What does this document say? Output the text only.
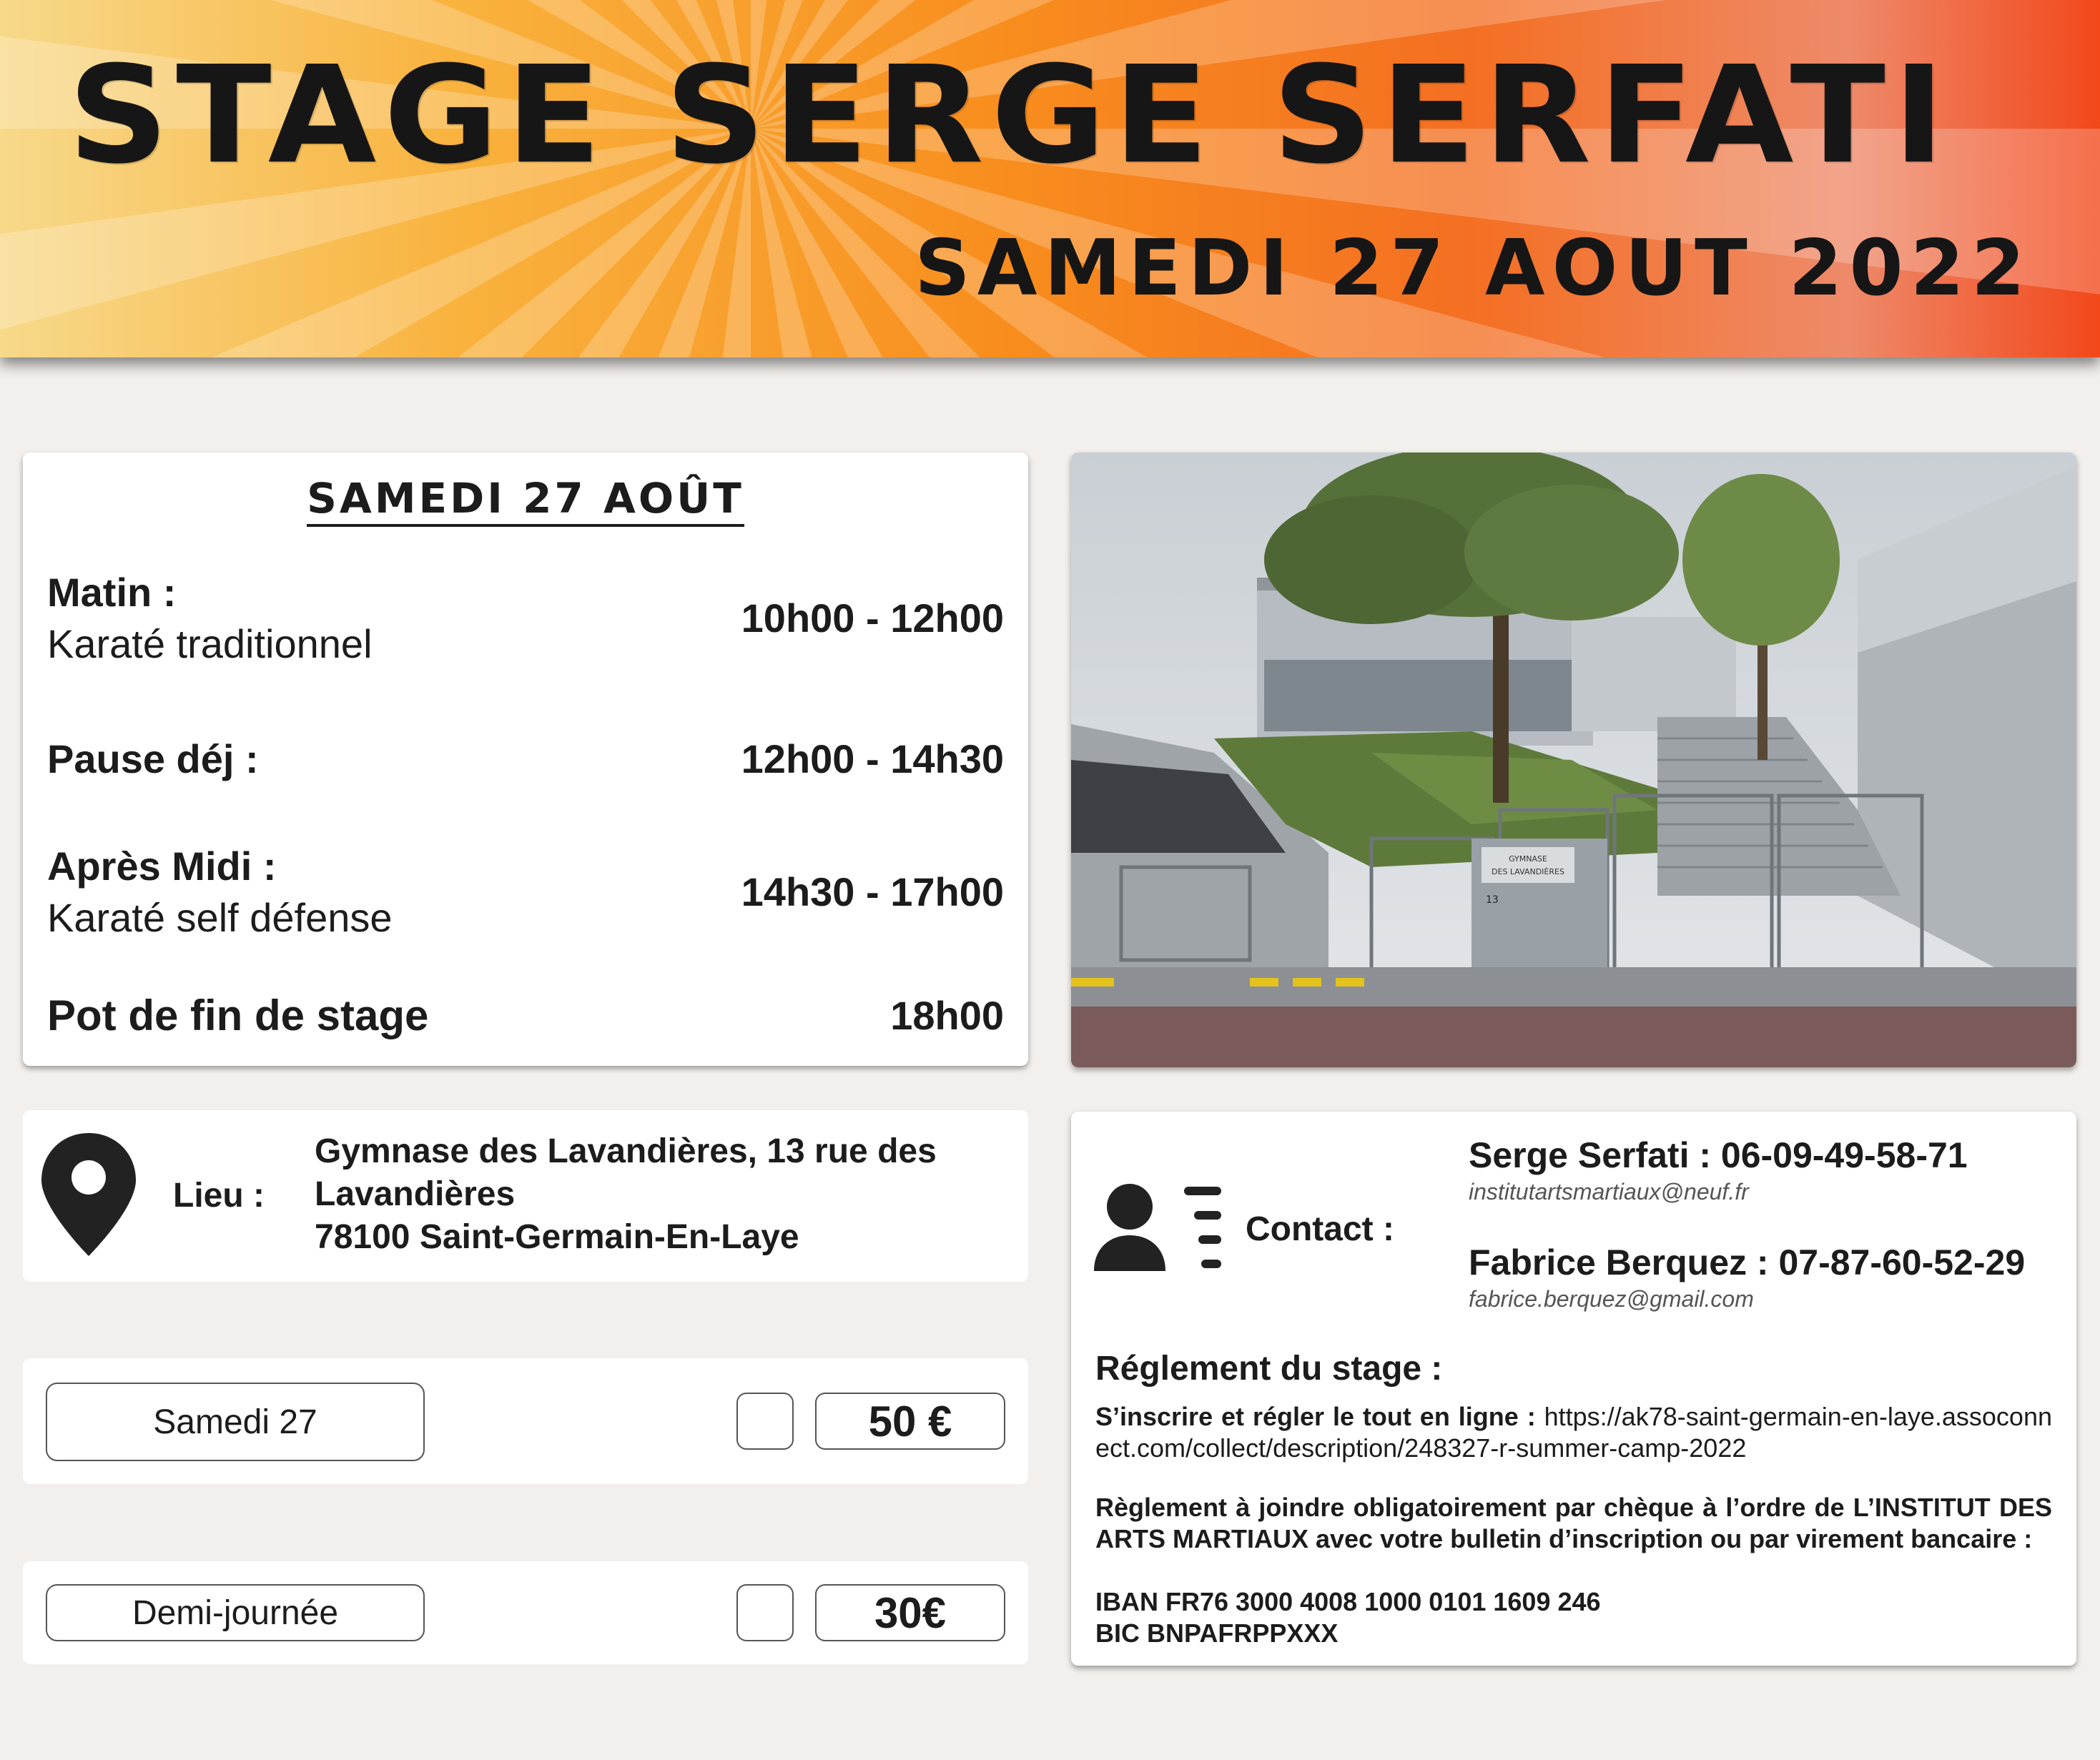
STAGE SERGE SERFATI
SAMEDI 27 AOUT 2022
SAMEDI 27 AOÛT
Matin :
Karaté traditionnel
10h00 - 12h00
Pause déj :	12h00 - 14h30
Après Midi :
Karaté self défense
14h30 - 17h00
Pot de fin de stage	18h00
GYMNASE
DES LAVANDIÈRES
13
Lieu :
Gymnase des Lavandières, 13 rue des
Lavandières
78100 Saint-Germain-En-Laye
Samedi 27	50 €
Demi-journée	30€
Contact :
Serge Serfati : 06-09-49-58-71
institutartsmartiaux@neuf.fr
Fabrice Berquez : 07-87-60-52-29
fabrice.berquez@gmail.com
Réglement du stage :
S’inscrire et régler le tout en ligne : https://ak78-saint-germain-en-laye.assoconnect.com/collect/description/248327-r-summer-camp-2022
Règlement à joindre obligatoirement par chèque à l’ordre de L’INSTITUT DES ARTS MARTIAUX avec votre bulletin d’inscription ou par virement bancaire :
IBAN FR76 3000 4008 1000 0101 1609 246
BIC BNPAFRPPXXX
